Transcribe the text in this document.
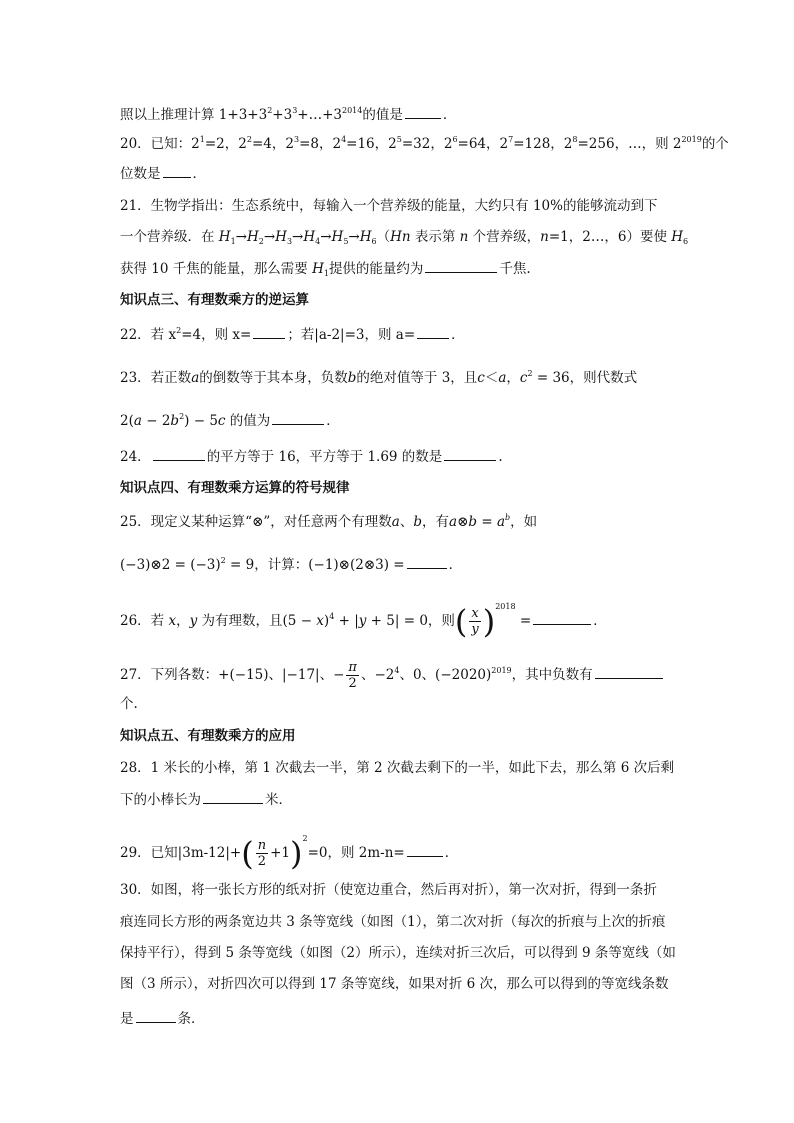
照以上推理计算 $1+3+3^2+3^3+\dots+3^{2014}$的值是	．
20．已知：$2^1=2$，$2^2=4$，$2^3=8$，$2^4=16$，$2^5=32$，$2^6=64$，$2^7=128$，$2^8=256$，…，则 $2^{2019}$的个
位数是 ．
21．生物学指出：生态系统中，每输入一个营养级的能量，大约只有 10%的能够流动到下
一个营养级．在 $H_1\to H_2\to H_3\to H_4\to H_5\to H_6(Hn$ 表示第 n 个营养级，n=1，2…，6）要使 $H_6$
获得 10 千焦的能量，那么需要 $H_1$提供的能量约为	千焦.
知识点三、有理数乘方的逆运算
22．若 $x^2=4$，则 x=	；若|a-2|=3，则 a=	．
23．若正数a的倒数等于其本身，负数b的绝对值等于 3，且c＜a，$c^2 = 36$，则代数式
$2(a - 2b^2) - 5c$ 的值为	．
24．	的平方等于 16，平方等于 1.69 的数是	.
知识点四、有理数乘方运算的符号规律
25．现定义某种运算“⊗”，对任意两个有理数a、b，有a⊗b = $a^b$，如
(−3)⊗2 = $(-3)^2 = 9$，计算：(−1)⊗(2⊗3) =	．
26．若 x，y 为有理数，且$(5 - x)^4 + |y + 5| = 0$，则( $\frac{x}{y} )^{2018}$ =	．
27．下列各数：+(−15)、|−17|、− $\frac{\pi}{2}$ 、$-2^4$、0、$(-2020)^{2019}$，其中负数有
个.
知识点五、有理数乘方的应用
28．1 米长的小棒，第 1 次截去一半，第 2 次截去剩下的一半，如此下去，那么第 6 次后剩
下的小棒长为	米．
29．已知$|3m-12|+( \frac{n}{2} +1)^2=0$，则 2m-n=	．
30．如图，将一张长方形的纸对折（使宽边重合，然后再对折），第一次对折，得到一条折
痕连同长方形的两条宽边共 3 条等宽线（如图（1），第二次对折（每次的折痕与上次的折痕
保持平行），得到 5 条等宽线（如图（2）所示），连续对折三次后，可以得到 9 条等宽线（如
图（3 所示），对折四次可以得到 17 条等宽线，如果对折 6 次，那么可以得到的等宽线条数
是	条．
